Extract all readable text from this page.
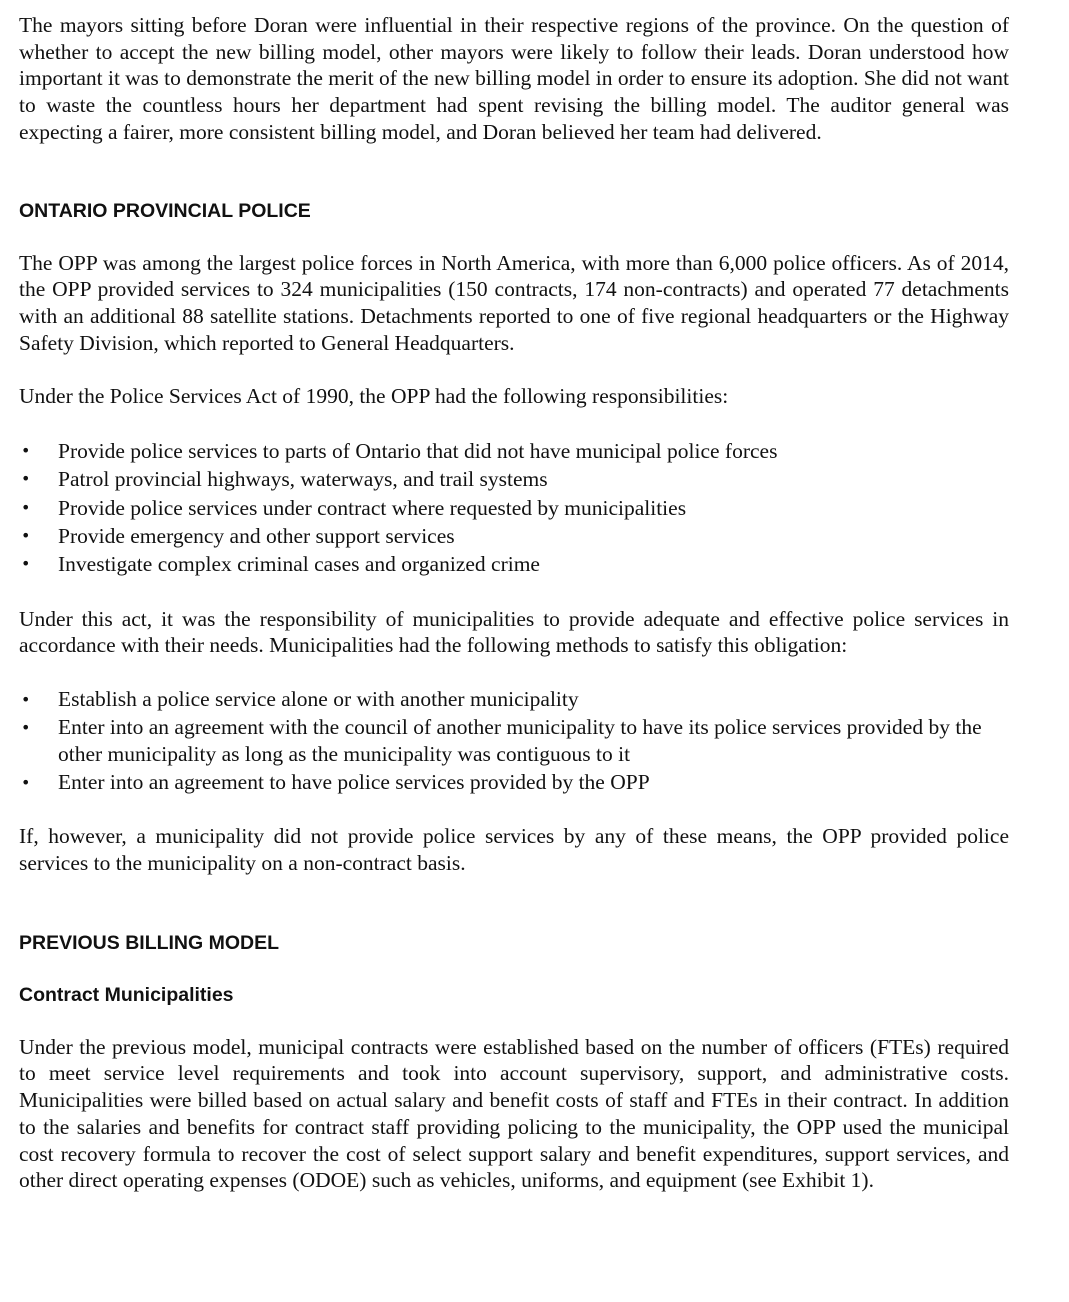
The mayors sitting before Doran were influential in their respective regions of the province. On the question of whether to accept the new billing model, other mayors were likely to follow their leads. Doran understood how important it was to demonstrate the merit of the new billing model in order to ensure its adoption. She did not want to waste the countless hours her department had spent revising the billing model. The auditor general was expecting a fairer, more consistent billing model, and Doran believed her team had delivered.

ONTARIO PROVINCIAL POLICE

The OPP was among the largest police forces in North America, with more than 6,000 police officers. As of 2014, the OPP provided services to 324 municipalities (150 contracts, 174 non-contracts) and operated 77 detachments with an additional 88 satellite stations. Detachments reported to one of five regional headquarters or the Highway Safety Division, which reported to General Headquarters.

Under the Police Services Act of 1990, the OPP had the following responsibilities:

• Provide police services to parts of Ontario that did not have municipal police forces
• Patrol provincial highways, waterways, and trail systems
• Provide police services under contract where requested by municipalities
• Provide emergency and other support services
• Investigate complex criminal cases and organized crime

Under this act, it was the responsibility of municipalities to provide adequate and effective police services in accordance with their needs. Municipalities had the following methods to satisfy this obligation:

• Establish a police service alone or with another municipality
• Enter into an agreement with the council of another municipality to have its police services provided by the other municipality as long as the municipality was contiguous to it
• Enter into an agreement to have police services provided by the OPP

If, however, a municipality did not provide police services by any of these means, the OPP provided police services to the municipality on a non-contract basis.

PREVIOUS BILLING MODEL
Contract Municipalities

Under the previous model, municipal contracts were established based on the number of officers (FTEs) required to meet service level requirements and took into account supervisory, support, and administrative costs. Municipalities were billed based on actual salary and benefit costs of staff and FTEs in their contract. In addition to the salaries and benefits for contract staff providing policing to the municipality, the OPP used the municipal cost recovery formula to recover the cost of select support salary and benefit expenditures, support services, and other direct operating expenses (ODOE) such as vehicles, uniforms, and equipment (see Exhibit 1).
